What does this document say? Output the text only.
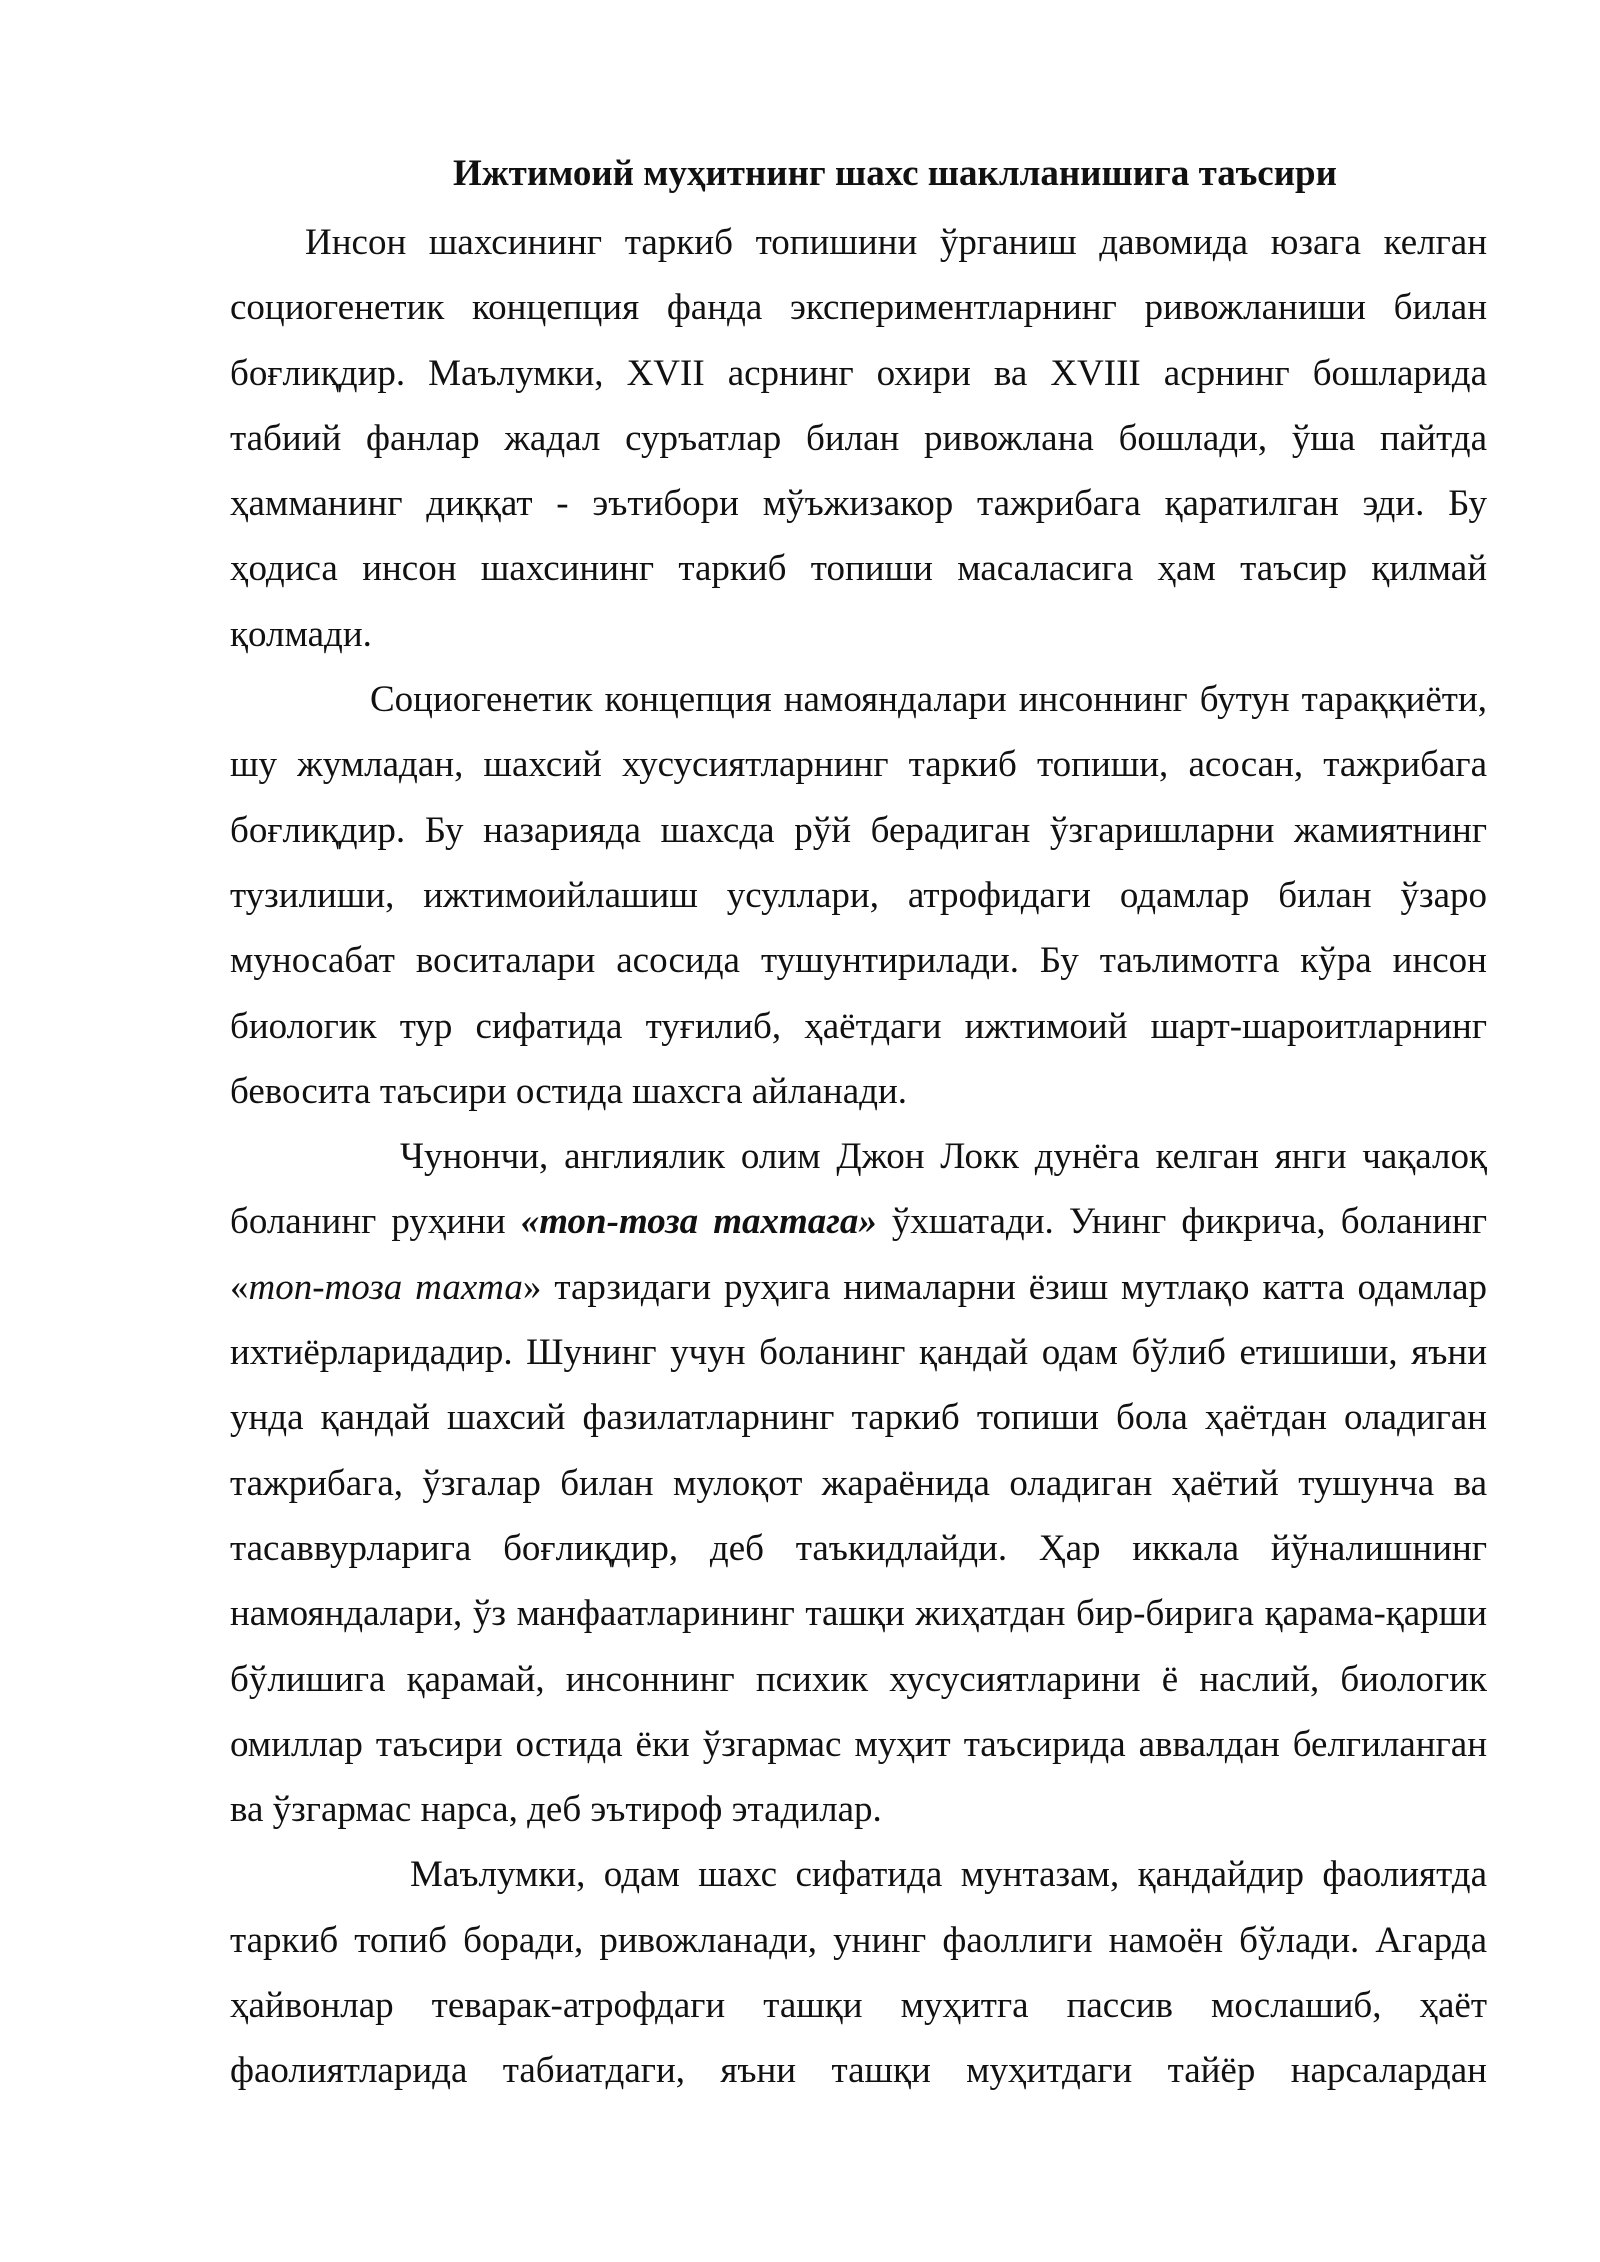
Ижтимоий муҳитнинг шахс шаклланишига таъсири

Инсон шахсининг таркиб топишини ўрганиш давомида юзага келган социогенетик концепция фанда экспериментларнинг ривожланиши билан боғлиқдир. Маълумки, XVII асрнинг охири ва XVIII асрнинг бошларида табиий фанлар жадал суръатлар билан ривожлана бошлади, ўша пайтда ҳамманинг диққат - эътибори мўъжизакор тажрибага қаратилган эди. Бу ҳодиса инсон шахсининг таркиб топиши масаласига ҳам таъсир қилмай қолмади.

Социогенетик концепция намояндалари инсоннинг бутун тараққиёти, шу жумладан, шахсий хусусиятларнинг таркиб топиши, асосан, тажрибага боғлиқдир. Бу назарияда шахсда рўй берадиган ўзгаришларни жамиятнинг тузилиши, ижтимоийлашиш усуллари, атрофидаги одамлар билан ўзаро муносабат воситалари асосида тушунтирилади. Бу таълимотга кўра инсон биологик тур сифатида туғилиб, ҳаётдаги ижтимоий шарт-шароитларнинг бевосита таъсири остида шахсга айланади.

Чунончи, англиялик олим Джон Локк дунёга келган янги чақалоқ боланинг руҳини «топ-тоза тахтага» ўхшатади. Унинг фикрича, боланинг «топ-тоза тахта» тарзидаги руҳига нималарни ёзиш мутлақо катта одамлар ихтиёрларидадир. Шунинг учун боланинг қандай одам бўлиб етишиши, яъни унда қандай шахсий фазилатларнинг таркиб топиши бола ҳаётдан оладиган тажрибага, ўзгалар билан мулоқот жараёнида оладиган ҳаётий тушунча ва тасаввурларига боғлиқдир, деб таъкидлайди. Ҳар иккала йўналишнинг намояндалари, ўз манфаатларининг ташқи жиҳатдан бир-бирига қарама-қарши бўлишига қарамай, инсоннинг психик хусусиятларини ё наслий, биологик омиллар таъсири остида ёки ўзгармас муҳит таъсирида аввалдан белгиланган ва ўзгармас нарса, деб эътироф этадилар.

Маълумки, одам шахс сифатида мунтазам, қандайдир фаолиятда таркиб топиб боради, ривожланади, унинг фаоллиги намоён бўлади. Агарда ҳайвонлар теварак-атрофдаги ташқи муҳитга пассив мослашиб, ҳаёт фаолиятларида табиатдаги, яъни ташқи муҳитдаги тайёр нарсалардан
